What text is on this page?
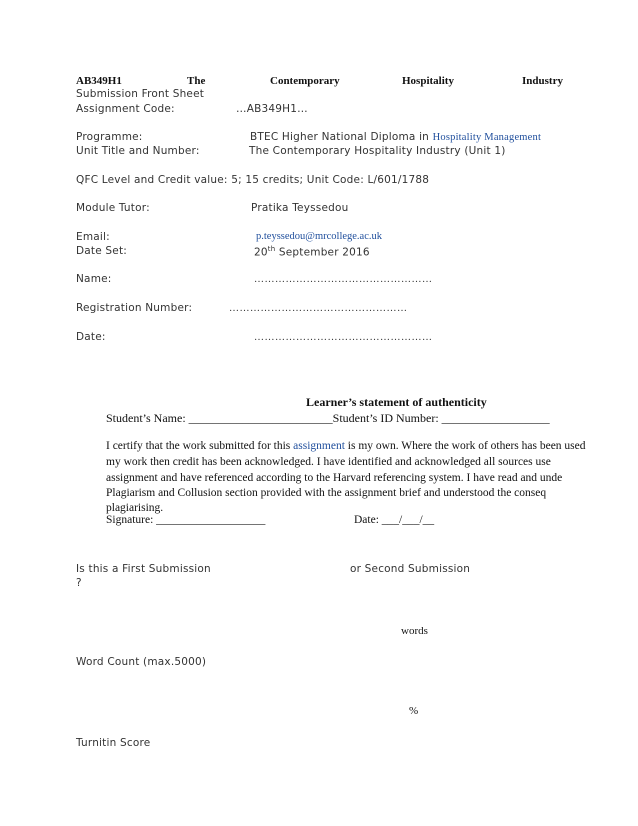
AB349H1	The	Contemporary	Hospitality	Industry
Submission Front Sheet
Assignment Code:	…AB349H1…
Programme:	BTEC Higher National Diploma in Hospitality Management
Unit Title and Number:	The Contemporary Hospitality Industry (Unit 1)
QFC Level and Credit value: 5; 15 credits; Unit Code: L/601/1788
Module Tutor:	Pratika Teyssedou
Email:	p.teyssedou@mrcollege.ac.uk
Date Set:	20th September 2016
Name:	……………………………………………
Registration Number:	……………………………………………
Date:	……………………………………………
Learner’s statement of authenticity
Student’s Name: ________________________Student’s ID Number: __________________
I certify that the work submitted for this assignment is my own. Where the work of others has been used
my work then credit has been acknowledged. I have identified and acknowledged all sources use
assignment and have referenced according to the Harvard referencing system. I have read and unde
Plagiarism and Collusion section provided with the assignment brief and understood the conseq
plagiarising.
Signature: ___________________	Date: ___/___/__
Is this a First Submission	or Second Submission
?
words
Word Count (max.5000)
%
Turnitin Score
